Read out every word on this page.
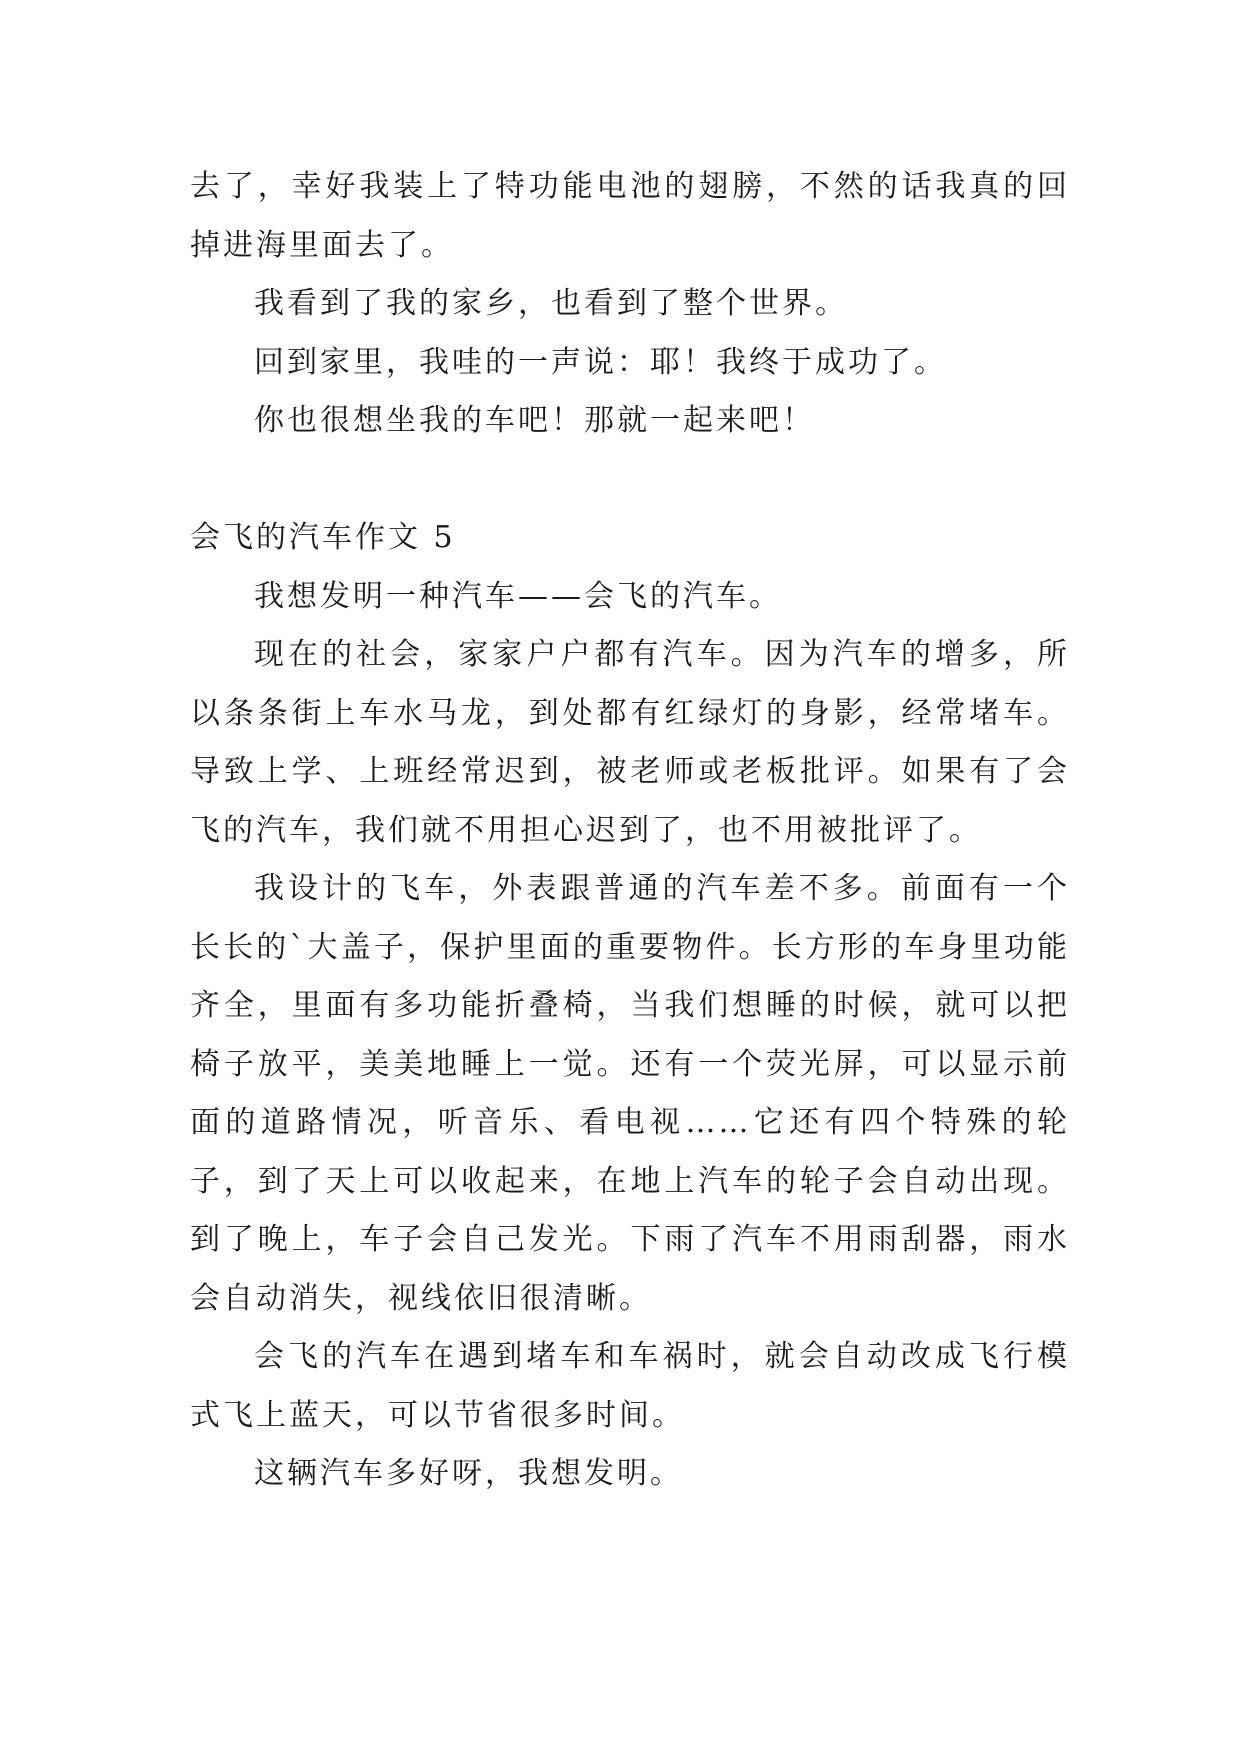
去了，幸好我装上了特功能电池的翅膀，不然的话我真的回掉进海里面去了。

我看到了我的家乡，也看到了整个世界。

回到家里，我哇的一声说：耶！我终于成功了。

你也很想坐我的车吧！那就一起来吧！

会飞的汽车作文 5

我想发明一种汽车——会飞的汽车。

现在的社会，家家户户都有汽车。因为汽车的增多，所以条条街上车水马龙，到处都有红绿灯的身影，经常堵车。导致上学、上班经常迟到，被老师或老板批评。如果有了会飞的汽车，我们就不用担心迟到了，也不用被批评了。

我设计的飞车，外表跟普通的汽车差不多。前面有一个长长的`大盖子，保护里面的重要物件。长方形的车身里功能齐全，里面有多功能折叠椅，当我们想睡的时候，就可以把椅子放平，美美地睡上一觉。还有一个荧光屏，可以显示前面的道路情况，听音乐、看电视……它还有四个特殊的轮子，到了天上可以收起来，在地上汽车的轮子会自动出现。到了晚上，车子会自己发光。下雨了汽车不用雨刮器，雨水会自动消失，视线依旧很清晰。

会飞的汽车在遇到堵车和车祸时，就会自动改成飞行模式飞上蓝天，可以节省很多时间。

这辆汽车多好呀，我想发明。
